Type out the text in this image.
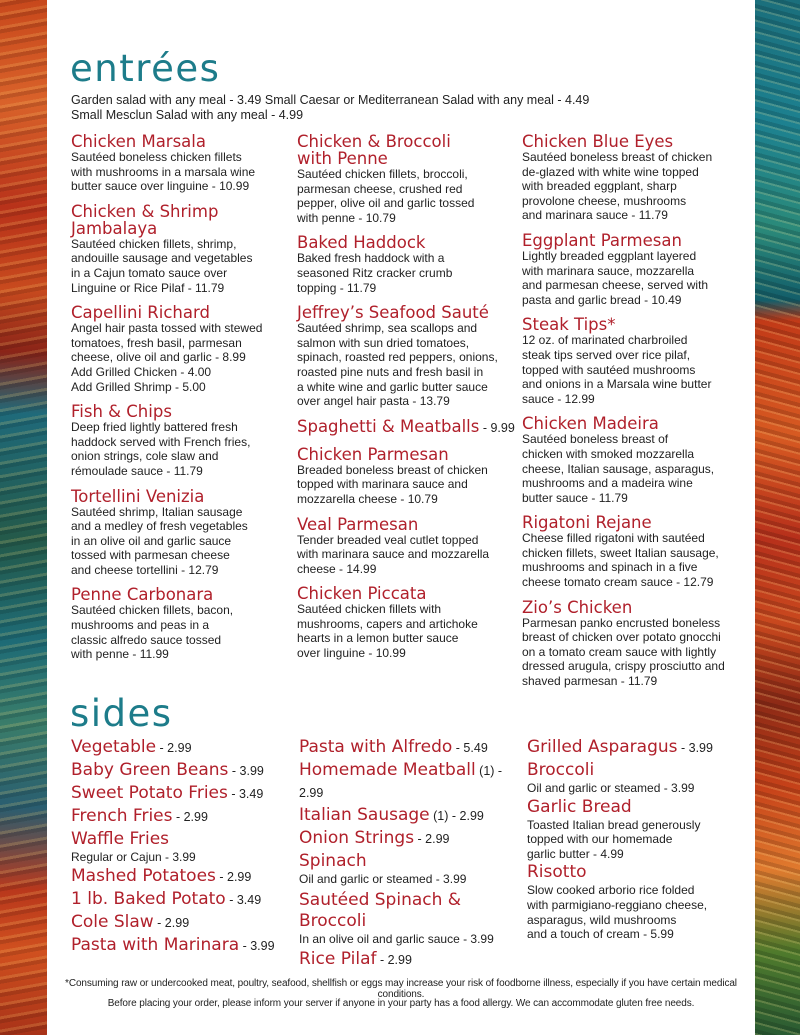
entrées
Garden salad with any meal - 3.49 Small Caesar or Mediterranean Salad with any meal - 4.49
Small Mesclun Salad with any meal - 4.99
Chicken Marsala
Sautéed boneless chicken fillets
with mushrooms in a marsala wine
butter sauce over linguine - 10.99
Chicken & Shrimp
Jambalaya
Sautéed chicken fillets, shrimp,
andouille sausage and vegetables
in a Cajun tomato sauce over
Linguine or Rice Pilaf - 11.79
Capellini Richard
Angel hair pasta tossed with stewed
tomatoes, fresh basil, parmesan
cheese, olive oil and garlic - 8.99
Add Grilled Chicken - 4.00
Add Grilled Shrimp - 5.00
Fish & Chips
Deep fried lightly battered fresh
haddock served with French fries,
onion strings, cole slaw and
rémoulade sauce - 11.79
Tortellini Venizia
Sautéed shrimp, Italian sausage
and a medley of fresh vegetables
in an olive oil and garlic sauce
tossed with parmesan cheese
and cheese tortellini - 12.79
Penne Carbonara
Sautéed chicken fillets, bacon,
mushrooms and peas in a
classic alfredo sauce tossed
with penne - 11.99
Chicken & Broccoli
with Penne
Sautéed chicken fillets, broccoli,
parmesan cheese, crushed red
pepper, olive oil and garlic tossed
with penne - 10.79
Baked Haddock
Baked fresh haddock with a
seasoned Ritz cracker crumb
topping - 11.79
Jeffrey’s Seafood Sauté
Sautéed shrimp, sea scallops and
salmon with sun dried tomatoes,
spinach, roasted red peppers, onions,
roasted pine nuts and fresh basil in
a white wine and garlic butter sauce
over angel hair pasta - 13.79
Spaghetti & Meatballs - 9.99
Chicken Parmesan
Breaded boneless breast of chicken
topped with marinara sauce and
mozzarella cheese - 10.79
Veal Parmesan
Tender breaded veal cutlet topped
with marinara sauce and mozzarella
cheese - 14.99
Chicken Piccata
Sautéed chicken fillets with
mushrooms, capers and artichoke
hearts in a lemon butter sauce
over linguine - 10.99
Chicken Blue Eyes
Sautéed boneless breast of chicken
de-glazed with white wine topped
with breaded eggplant, sharp
provolone cheese, mushrooms
and marinara sauce - 11.79
Eggplant Parmesan
Lightly breaded eggplant layered
with marinara sauce, mozzarella
and parmesan cheese, served with
pasta and garlic bread - 10.49
Steak Tips*
12 oz. of marinated charbroiled
steak tips served over rice pilaf,
topped with sautéed mushrooms
and onions in a Marsala wine butter
sauce - 12.99
Chicken Madeira
Sautéed boneless breast of
chicken with smoked mozzarella
cheese, Italian sausage, asparagus,
mushrooms and a madeira wine
butter sauce - 11.79
Rigatoni Rejane
Cheese filled rigatoni with sautéed
chicken fillets, sweet Italian sausage,
mushrooms and spinach in a five
cheese tomato cream sauce - 12.79
Zio’s Chicken
Parmesan panko encrusted boneless
breast of chicken over potato gnocchi
on a tomato cream sauce with lightly
dressed arugula, crispy prosciutto and
shaved parmesan - 11.79
sides
Vegetable - 2.99
Baby Green Beans - 3.99
Sweet Potato Fries - 3.49
French Fries - 2.99
Waffle Fries
Regular or Cajun - 3.99
Mashed Potatoes - 2.99
1 lb. Baked Potato - 3.49
Cole Slaw - 2.99
Pasta with Marinara - 3.99
Pasta with Alfredo - 5.49
Homemade Meatball (1) - 2.99
Italian Sausage (1) - 2.99
Onion Strings - 2.99
Spinach
Oil and garlic or steamed - 3.99
Sautéed Spinach & Broccoli
In an olive oil and garlic sauce - 3.99
Rice Pilaf - 2.99
Grilled Asparagus - 3.99
Broccoli
Oil and garlic or steamed - 3.99
Garlic Bread
Toasted Italian bread generously
topped with our homemade
garlic butter - 4.99
Risotto
Slow cooked arborio rice folded
with parmigiano-reggiano cheese,
asparagus, wild mushrooms
and a touch of cream - 5.99
*Consuming raw or undercooked meat, poultry, seafood, shellfish or eggs may increase your risk of foodborne illness, especially if you have certain medical conditions.
Before placing your order, please inform your server if anyone in your party has a food allergy. We can accommodate gluten free needs.
